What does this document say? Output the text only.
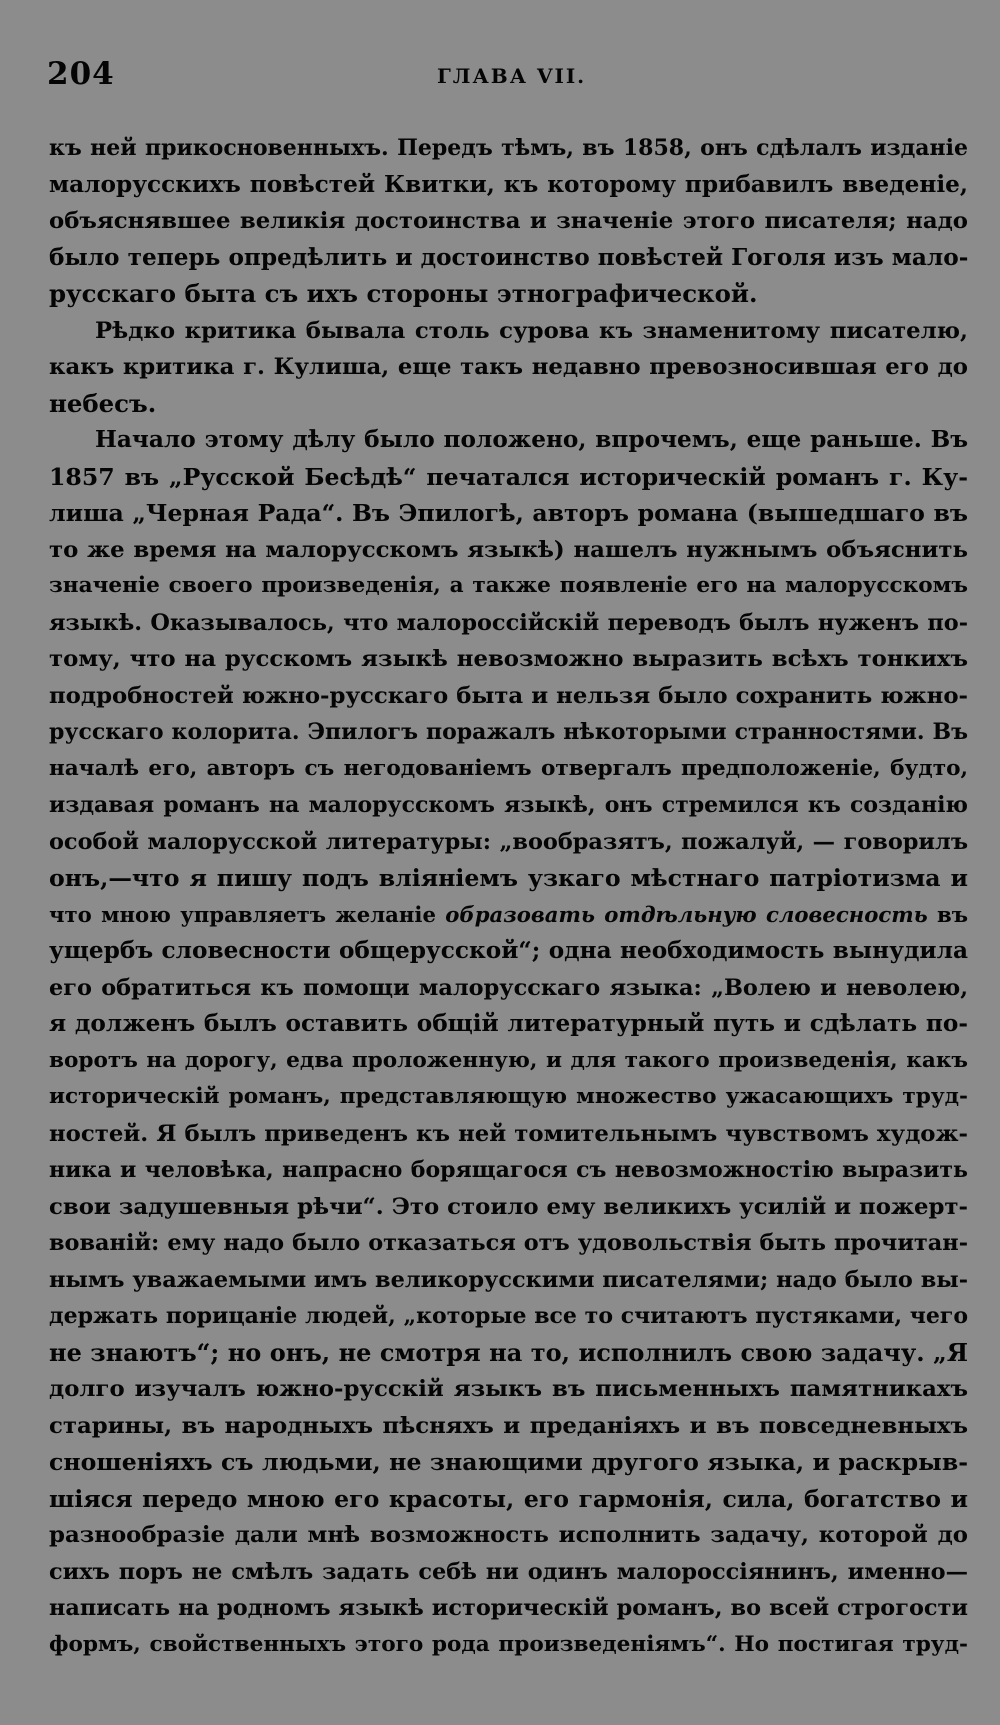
204	ГЛАВА VII.
къ ней прикосновенныхъ. Передъ тѣмъ, въ 1858, онъ сдѣлалъ изданіе
малорусскихъ повѣстей Квитки, къ которому прибавилъ введеніе,
объяснявшее великія достоинства и значеніе этого писателя; надо
было теперь опредѣлить и достоинство повѣстей Гоголя изъ мало-
русскаго быта съ ихъ стороны этнографической.
Рѣдко критика бывала столь сурова къ знаменитому писателю,
какъ критика г. Кулиша, еще такъ недавно превозносившая его до
небесъ.
Начало этому дѣлу было положено, впрочемъ, еще раньше. Въ
1857 въ „Русской Бесѣдѣ“ печатался историческій романъ г. Ку-
лиша „Черная Рада“. Въ Эпилогѣ, авторъ романа (вышедшаго въ
то же время на малорусскомъ языкѣ) нашелъ нужнымъ объяснить
значеніе своего произведенія, а также появленіе его на малорусскомъ
языкѣ. Оказывалось, что малороссійскій переводъ былъ нуженъ по-
тому, что на русскомъ языкѣ невозможно выразить всѣхъ тонкихъ
подробностей южно-русскаго быта и нельзя было сохранить южно-
русскаго колорита. Эпилогъ поражалъ нѣкоторыми странностями. Въ
началѣ его, авторъ съ негодованіемъ отвергалъ предположеніе, будто,
издавая романъ на малорусскомъ языкѣ, онъ стремился къ созданію
особой малорусской литературы: „вообразятъ, пожалуй, — говорилъ
онъ,—что я пишу подъ вліяніемъ узкаго мѣстнаго патріотизма и
что мною управляетъ желаніе образовать отдѣльную словесность въ
ущербъ словесности общерусской“; одна необходимость вынудила
его обратиться къ помощи малорусскаго языка: „Волею и неволею,
я долженъ былъ оставить общій литературный путь и сдѣлать по-
воротъ на дорогу, едва проложенную, и для такого произведенія, какъ
историческій романъ, представляющую множество ужасающихъ труд-
ностей. Я былъ приведенъ къ ней томительнымъ чувствомъ худож-
ника и человѣка, напрасно борящагося съ невозможностію выразить
свои задушевныя рѣчи“. Это стоило ему великихъ усилій и пожерт-
вованій: ему надо было отказаться отъ удовольствія быть прочитан-
нымъ уважаемыми имъ великорусскими писателями; надо было вы-
держать порицаніе людей, „которые все то считаютъ пустяками, чего
не знаютъ“; но онъ, не смотря на то, исполнилъ свою задачу. „Я
долго изучалъ южно-русскій языкъ въ письменныхъ памятникахъ
старины, въ народныхъ пѣсняхъ и преданіяхъ и въ повседневныхъ
сношеніяхъ съ людьми, не знающими другого языка, и раскрыв-
шіяся передо мною его красоты, его гармонія, сила, богатство и
разнообразіе дали мнѣ возможность исполнить задачу, которой до
сихъ поръ не смѣлъ задать себѣ ни одинъ малороссіянинъ, именно—
написать на родномъ языкѣ историческій романъ, во всей строгости
формъ, свойственныхъ этого рода произведеніямъ“. Но постигая труд-
